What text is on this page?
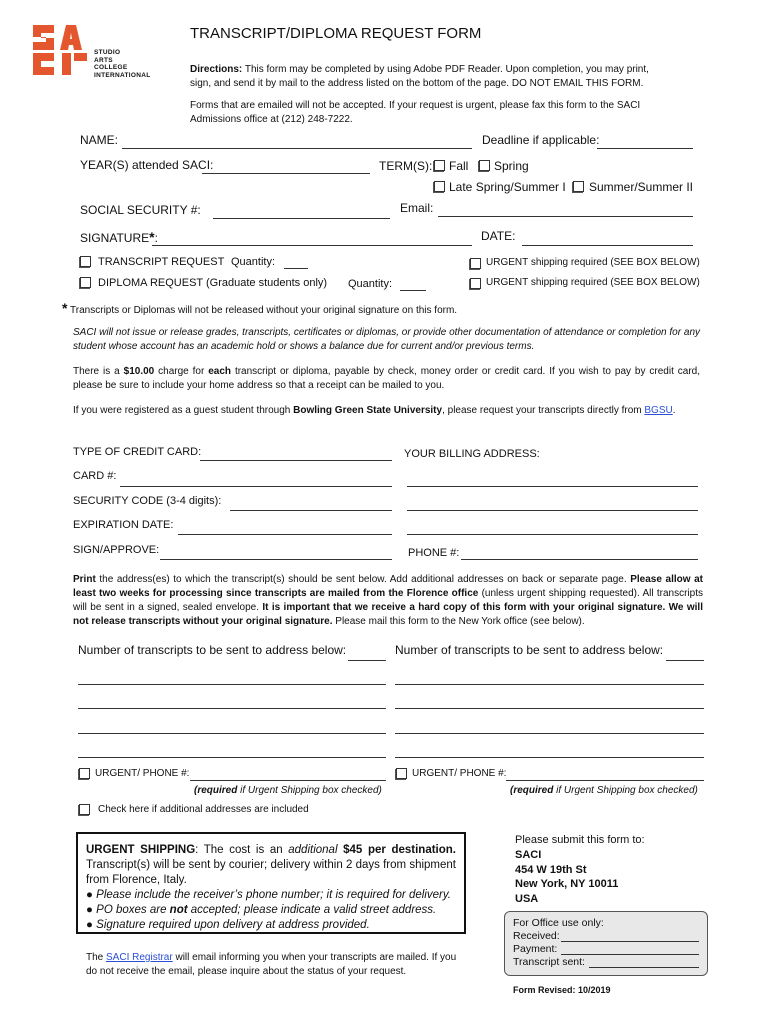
STUDIO
ARTS
COLLEGE
INTERNATIONAL
TRANSCRIPT/DIPLOMA REQUEST FORM
Directions: This form may be completed by using Adobe PDF Reader. Upon completion, you may print, sign, and send it by mail to the address listed on the bottom of the page. DO NOT EMAIL THIS FORM.
Forms that are emailed will not be accepted. If your request is urgent, please fax this form to the SACI Admissions office at (212) 248-7222.
NAME:	Deadline if applicable:
YEAR(S) attended SACI:	TERM(S): Fall Spring
Late Spring/Summer I Summer/Summer II
SOCIAL SECURITY #:	Email:
SIGNATURE*:	DATE:
TRANSCRIPT REQUEST Quantity:	URGENT shipping required (SEE BOX BELOW)
DIPLOMA REQUEST (Graduate students only) Quantity:	URGENT shipping required (SEE BOX BELOW)
* Transcripts or Diplomas will not be released without your original signature on this form.
SACI will not issue or release grades, transcripts, certificates or diplomas, or provide other documentation of attendance or completion for any student whose account has an academic hold or shows a balance due for current and/or previous terms.
There is a $10.00 charge for each transcript or diploma, payable by check, money order or credit card. If you wish to pay by credit card, please be sure to include your home address so that a receipt can be mailed to you.
If you were registered as a guest student through Bowling Green State University, please request your transcripts directly from BGSU.
TYPE OF CREDIT CARD:	YOUR BILLING ADDRESS:
CARD #:
SECURITY CODE (3-4 digits):
EXPIRATION DATE:
SIGN/APPROVE:	PHONE #:
Print the address(es) to which the transcript(s) should be sent below. Add additional addresses on back or separate page. Please allow at least two weeks for processing since transcripts are mailed from the Florence office (unless urgent shipping requested). All transcripts will be sent in a signed, sealed envelope. It is important that we receive a hard copy of this form with your original signature. We will not release transcripts without your original signature. Please mail this form to the New York office (see below).
Number of transcripts to be sent to address below:	Number of transcripts to be sent to address below:
URGENT/ PHONE #:	URGENT/ PHONE #:
(required if Urgent Shipping box checked)	(required if Urgent Shipping box checked)
Check here if additional addresses are included

URGENT SHIPPING: The cost is an additional $45 per destination. Transcript(s) will be sent by courier; delivery within 2 days from shipment from Florence, Italy.

● Please include the receiver’s phone number; it is required for delivery.

● PO boxes are not accepted; please indicate a valid street address.

● Signature required upon delivery at address provided.

The SACI Registrar will email informing you when your transcripts are mailed. If you do not receive the email, please inquire about the status of your request.
Please submit this form to:
SACI
454 W 19th St
New York, NY 10011
USA
For Office use only:
Received:
Payment:
Transcript sent:
Form Revised: 10/2019
